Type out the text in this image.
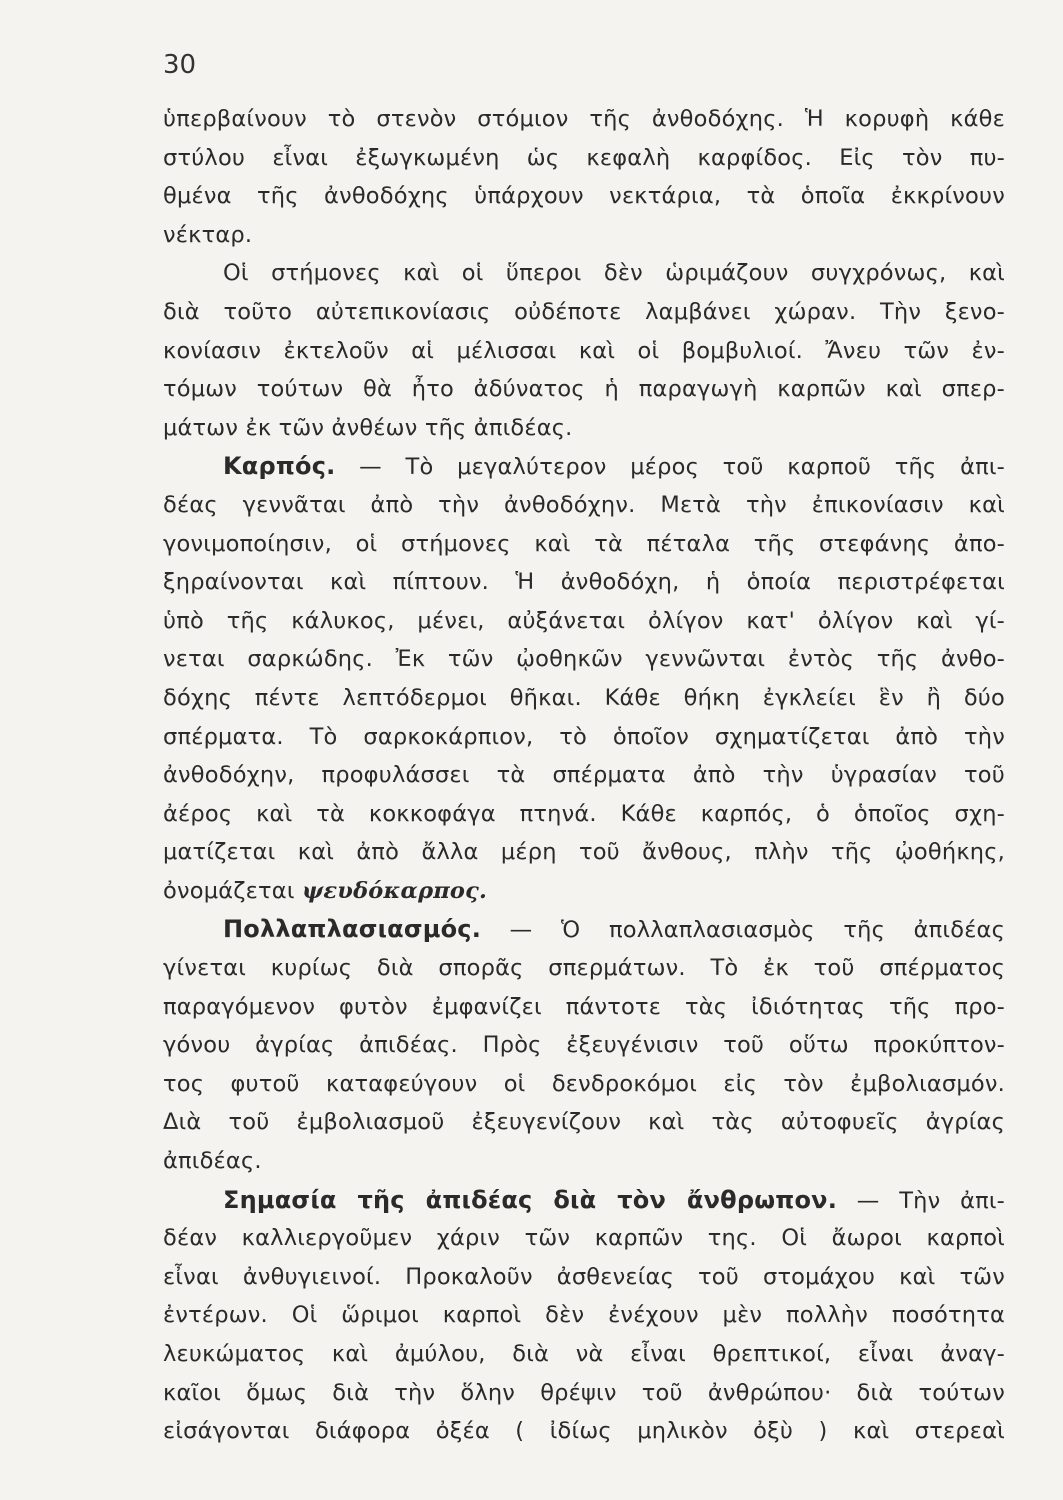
30
ὑπερβαίνουν τὸ στενὸν στόμιον τῆς ἀνθοδόχης. Ἡ κορυφὴ κάθε
στύλου εἶναι ἐξωγκωμένη ὡς κεφαλὴ καρφίδος. Εἰς τὸν πυ-
θμένα τῆς ἀνθοδόχης ὑπάρχουν νεκτάρια, τὰ ὁποῖα ἐκκρίνουν
νέκταρ.
Οἱ στήμονες καὶ οἱ ὕπεροι δὲν ὡριμάζουν συγχρόνως, καὶ
διὰ τοῦτο αὐτεπικονίασις οὐδέποτε λαμβάνει χώραν. Τὴν ξενο-
κονίασιν ἐκτελοῦν αἱ μέλισσαι καὶ οἱ βομβυλιοί. Ἄνευ τῶν ἐν-
τόμων τούτων θὰ ἦτο ἀδύνατος ἡ παραγωγὴ καρπῶν καὶ σπερ-
μάτων ἐκ τῶν ἀνθέων τῆς ἀπιδέας.
Καρπός. — Τὸ μεγαλύτερον μέρος τοῦ καρποῦ τῆς ἀπι-
δέας γεννᾶται ἀπὸ τὴν ἀνθοδόχην. Μετὰ τὴν ἐπικονίασιν καὶ
γονιμοποίησιν, οἱ στήμονες καὶ τὰ πέταλα τῆς στεφάνης ἀπο-
ξηραίνονται καὶ πίπτουν. Ἡ ἀνθοδόχη, ἡ ὁποία περιστρέφεται
ὑπὸ τῆς κάλυκος, μένει, αὐξάνεται ὀλίγον κατ' ὀλίγον καὶ γί-
νεται σαρκώδης. Ἐκ τῶν ᾠοθηκῶν γεννῶνται ἐντὸς τῆς ἀνθο-
δόχης πέντε λεπτόδερμοι θῆκαι. Κάθε θήκη ἐγκλείει ἓν ἢ δύο
σπέρματα. Τὸ σαρκοκάρπιον, τὸ ὁποῖον σχηματίζεται ἀπὸ τὴν
ἀνθοδόχην, προφυλάσσει τὰ σπέρματα ἀπὸ τὴν ὑγρασίαν τοῦ
ἀέρος καὶ τὰ κοκκοφάγα πτηνά. Κάθε καρπός, ὁ ὁποῖος σχη-
ματίζεται καὶ ἀπὸ ἄλλα μέρη τοῦ ἄνθους, πλὴν τῆς ᾠοθήκης,
ὀνομάζεται ψευδόκαρπος.
Πολλαπλασιασμός. — Ὁ πολλαπλασιασμὸς τῆς ἀπιδέας
γίνεται κυρίως διὰ σπορᾶς σπερμάτων. Τὸ ἐκ τοῦ σπέρματος
παραγόμενον φυτὸν ἐμφανίζει πάντοτε τὰς ἰδιότητας τῆς προ-
γόνου ἀγρίας ἀπιδέας. Πρὸς ἐξευγένισιν τοῦ οὕτω προκύπτον-
τος φυτοῦ καταφεύγουν οἱ δενδροκόμοι εἰς τὸν ἐμβολιασμόν.
Διὰ τοῦ ἐμβολιασμοῦ ἐξευγενίζουν καὶ τὰς αὐτοφυεῖς ἀγρίας
ἀπιδέας.
Σημασία τῆς ἀπιδέας διὰ τὸν ἄνθρωπον. — Τὴν ἀπι-
δέαν καλλιεργοῦμεν χάριν τῶν καρπῶν της. Οἱ ἄωροι καρποὶ
εἶναι ἀνθυγιεινοί. Προκαλοῦν ἀσθενείας τοῦ στομάχου καὶ τῶν
ἐντέρων. Οἱ ὥριμοι καρποὶ δὲν ἐνέχουν μὲν πολλὴν ποσότητα
λευκώματος καὶ ἀμύλου, διὰ νὰ εἶναι θρεπτικοί, εἶναι ἀναγ-
καῖοι ὅμως διὰ τὴν ὅλην θρέψιν τοῦ ἀνθρώπου· διὰ τούτων
εἰσάγονται διάφορα ὀξέα ( ἰδίως μηλικὸν ὀξὺ ) καὶ στερεαὶ
